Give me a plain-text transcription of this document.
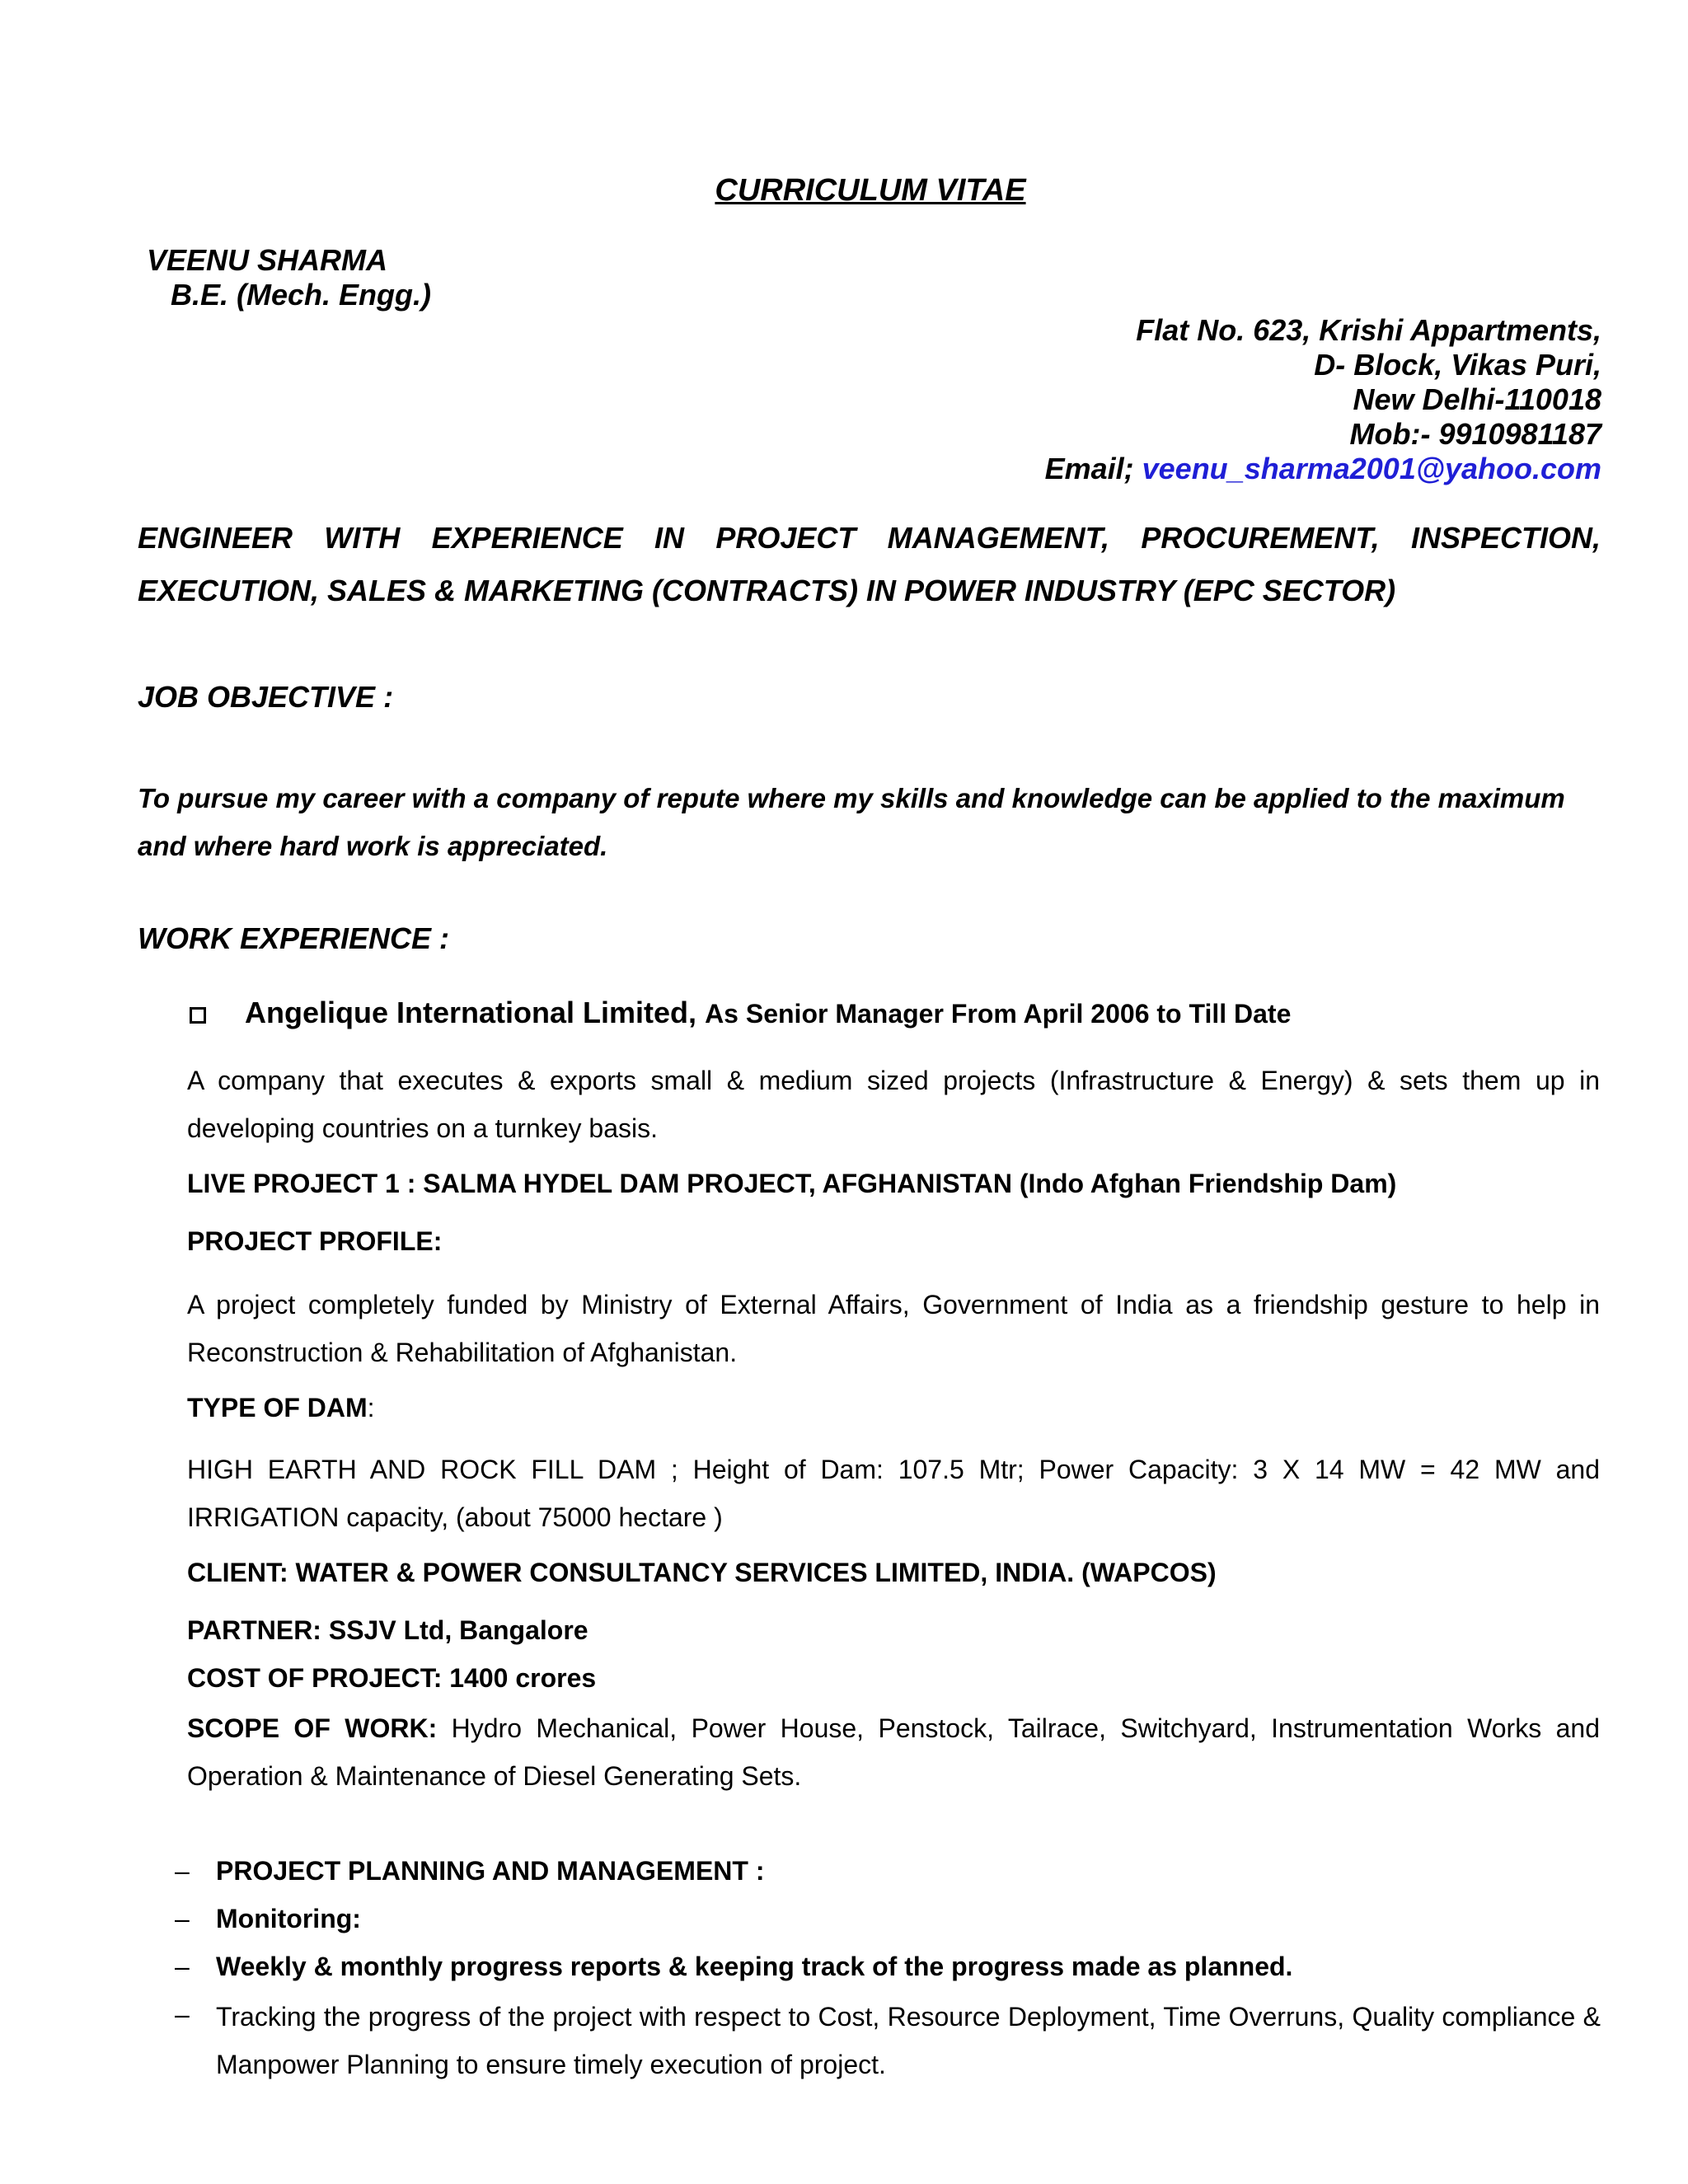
CURRICULUM VITAE
VEENU SHARMA
B.E. (Mech. Engg.)
Flat No. 623, Krishi Appartments,
D- Block, Vikas Puri,
New Delhi-110018
Mob:- 9910981187
Email; veenu_sharma2001@yahoo.com
ENGINEER WITH EXPERIENCE IN PROJECT MANAGEMENT, PROCUREMENT, INSPECTION,
EXECUTION, SALES & MARKETING (CONTRACTS) IN POWER INDUSTRY (EPC SECTOR)
JOB OBJECTIVE :
To pursue my career with a company of repute where my skills and knowledge can be applied to the maximum and where hard work is appreciated.
WORK EXPERIENCE :
Angelique International Limited, As Senior Manager From April 2006 to Till Date
A company that executes & exports small & medium sized projects (Infrastructure & Energy) & sets them up in developing countries on a turnkey basis.
LIVE PROJECT 1 : SALMA HYDEL DAM PROJECT, AFGHANISTAN (Indo Afghan Friendship Dam)
PROJECT PROFILE:
A project completely funded by Ministry of External Affairs, Government of India as a friendship gesture to help in Reconstruction & Rehabilitation of Afghanistan.
TYPE OF DAM:
HIGH EARTH AND ROCK FILL DAM ; Height of Dam: 107.5 Mtr; Power Capacity: 3 X 14 MW = 42 MW and IRRIGATION capacity, (about 75000 hectare )
CLIENT: WATER & POWER CONSULTANCY SERVICES LIMITED, INDIA. (WAPCOS)
PARTNER: SSJV Ltd, Bangalore
COST OF PROJECT: 1400 crores
SCOPE OF WORK: Hydro Mechanical, Power House, Penstock, Tailrace, Switchyard, Instrumentation Works and Operation & Maintenance of Diesel Generating Sets.
– PROJECT PLANNING AND MANAGEMENT :
– Monitoring:
– Weekly & monthly progress reports & keeping track of the progress made as planned.
– Tracking the progress of the project with respect to Cost, Resource Deployment, Time Overruns, Quality compliance & Manpower Planning to ensure timely execution of project.
